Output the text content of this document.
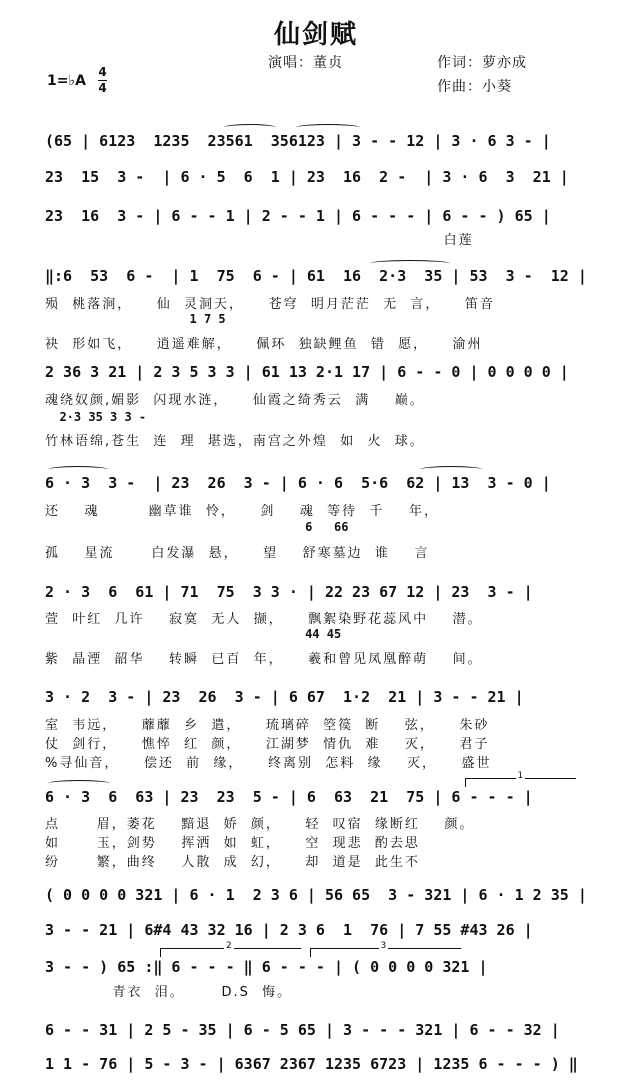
仙剑赋
演唱：董贞	作词：萝亦成
作曲：小葵
1=♭A
4
4
(65 | 6123  1235  23561  356123 | 3 - - 12 | 3 · 6 3 - |
23  15  3 -  | 6 · 5  6  1 | 23  16  2 -  | 3 · 6  3  21 |
23  16  3 - | 6 - - 1 | 2 - - 1 | 6 - - - | 6 - - ) 65 |
白莲
‖:6  53  6 -  | 1  75  6 - | 61  16  2·3  35 | 53  3 -  12 |
殒  桃落涧，    仙  灵洞天，    苍穹  明月茫茫  无  言，    笛音
1 7 5
袂  形如飞，    逍遥难解，    佩环  独缺鲤鱼  错  愿，    渝州
2 36 3 21 | 2 3 5 3 3 | 61 13 2·1 17 | 6 - - 0 | 0 0 0 0 |
魂绕奴颜,媚影  闪现水涟，    仙霞之绮秀云  满    巅。
2·3 35 3 3 -
竹林语绵,苍生  连  理  堪选，南宫之外煌  如  火  球。
6 · 3  3 -  | 23  26  3 - | 6 · 6  5·6  62 | 13  3 - 0 |
还    魂        幽草谁  怜，    剑    魂  等待  千    年，
6   66
孤    星流      白发瀑  悬，    望    舒寒墓边  谁    言
2 · 3  6  61 | 71  75  3 3 · | 22 23 67 12 | 23  3 - |
萱  叶红  几许    寂寞  无人  撷，    飘絮染野花蕊风中    潜。
44 45
紫  晶湮  韶华    转瞬  已百  年，    羲和曾见凤凰醉萌    间。
3 · 2  3 - | 23  26  3 - | 6 67  1·2  21 | 3 - - 21 |
室  韦远，    蘼蘼  乡  遣，    琉璃碎  箜篌  断    弦，    朱砂
仗  剑行，    憔悴  红  颜，    江湖梦  情仇  难    灭，    君子
%寻仙音，    偿还  前  缘，    终离别  怎料  缘    灭，    盛世
6 · 3  6  63 | 23  23  5 - | 6  63  21  75 | 6 - - - |
点      眉，萎花    黯退  娇  颜，    轻  叹宿  缘断红    颜。
如      玉，剑势    挥洒  如  虹，    空  现悲  酌去思
纷      繁，曲终    人散  成  幻，    却  道是  此生不
( 0 0 0 0 321 | 6 · 1  2 3 6 | 56 65  3 - 321 | 6 · 1 2 35 |
3 - - 21 | 6#4 43 32 16 | 2 3 6  1  76 | 7 55 #43 26 |
3 - - ) 65 :‖ 6 - - - ‖ 6 - - - | ( 0 0 0 0 321 |
青衣  泪。      D.S  悔。
6 - - 31 | 2 5 - 35 | 6 - 5 65 | 3 - - - 321 | 6 - - 32 |
1 1 - 76 | 5 - 3 - | 6367 2367 1235 6723 | 1235 6 - - - ) ‖
1
2	3
